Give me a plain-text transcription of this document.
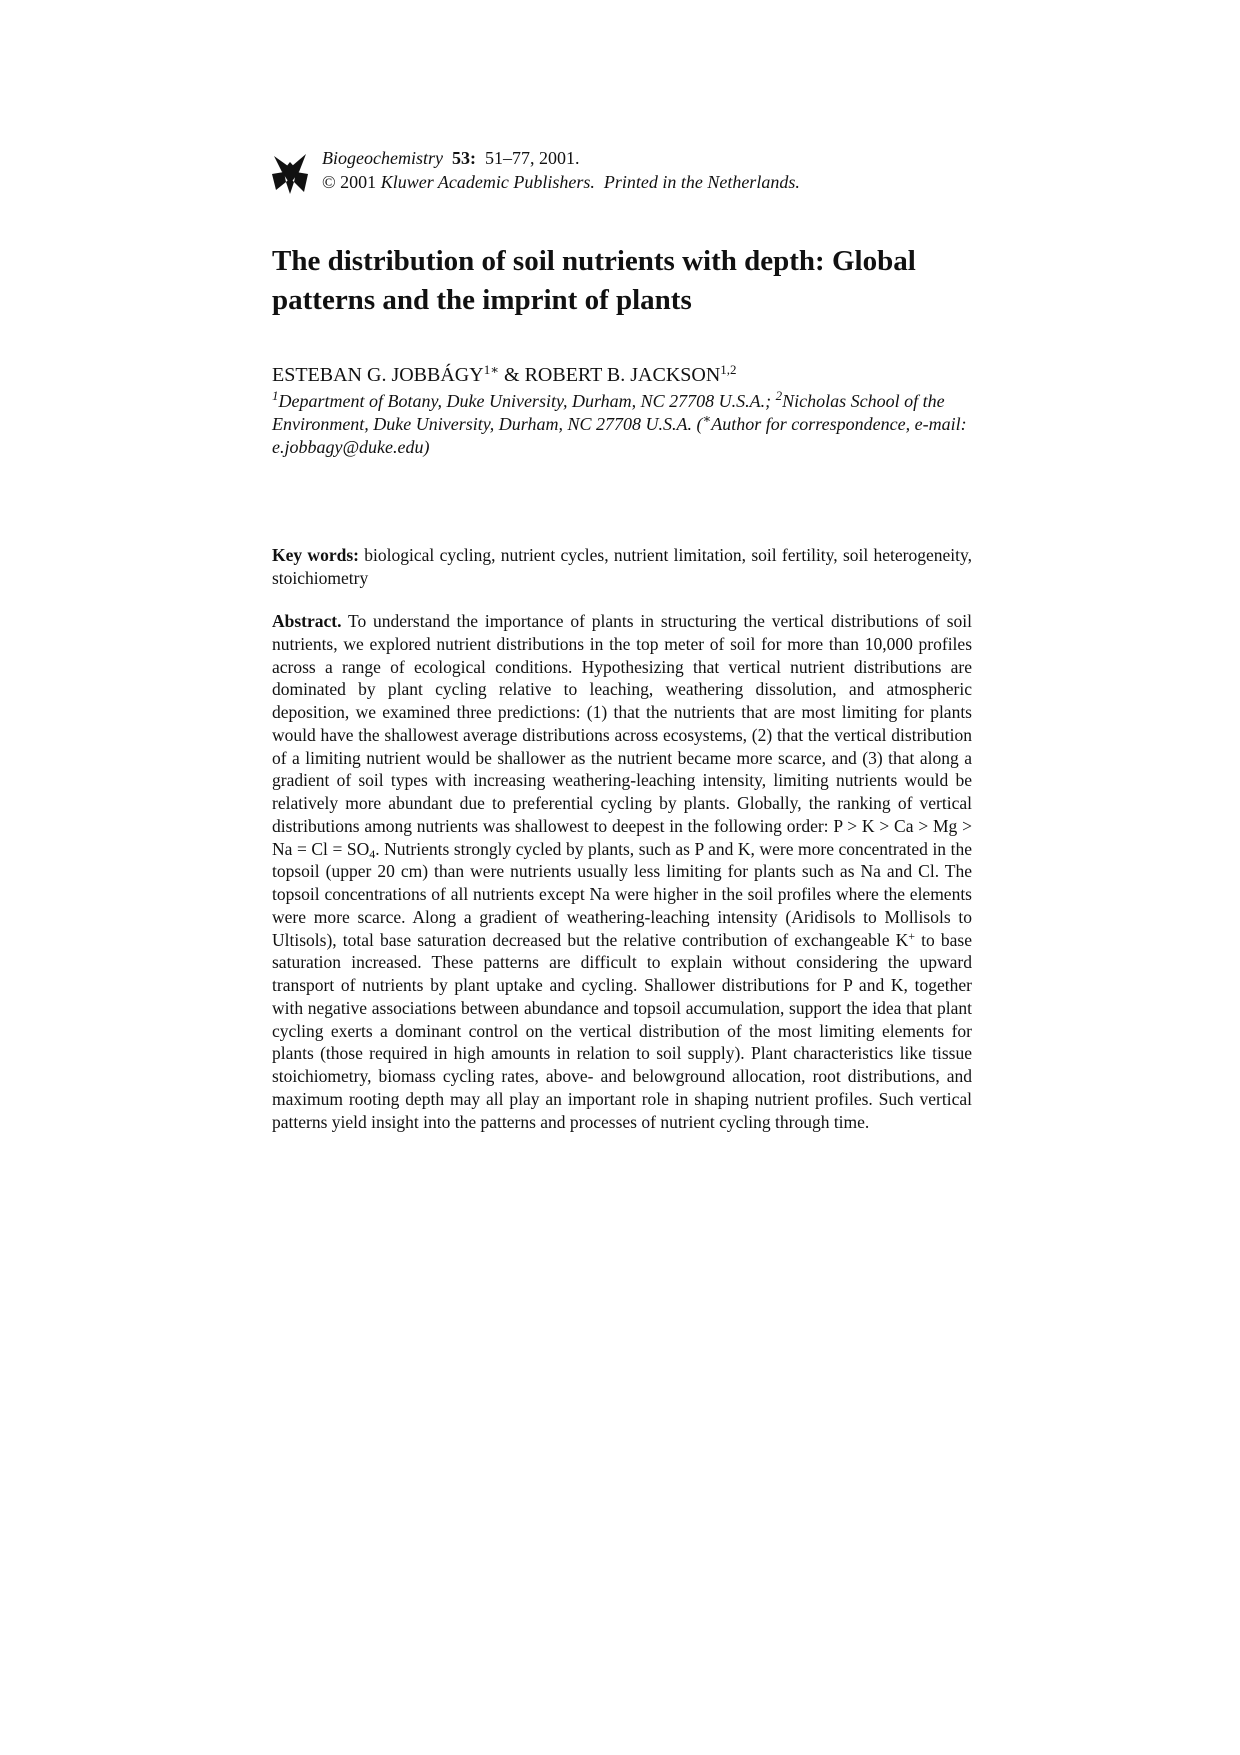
Biogeochemistry 53: 51–77, 2001.
© 2001 Kluwer Academic Publishers. Printed in the Netherlands.
The distribution of soil nutrients with depth: Global patterns and the imprint of plants
ESTEBAN G. $JOBBÁGY^{1∗}$ & ROBERT B. JACKSON$^{1,2}$
$^1$Department of Botany, Duke University, Durham, NC 27708 U.S.A.; $^2$Nicholas School of the Environment, Duke University, Durham, NC 27708 U.S.A. (∗Author for correspondence, e-mail: e.jobbagy@duke.edu)
Key words: biological cycling, nutrient cycles, nutrient limitation, soil fertility, soil heterogeneity, stoichiometry
Abstract. To understand the importance of plants in structuring the vertical distributions of soil nutrients, we explored nutrient distributions in the top meter of soil for more than 10,000 profiles across a range of ecological conditions. Hypothesizing that vertical nutrient distributions are dominated by plant cycling relative to leaching, weathering dissolution, and atmospheric deposition, we examined three predictions: (1) that the nutrients that are most limiting for plants would have the shallowest average distributions across ecosystems, (2) that the vertical distribution of a limiting nutrient would be shallower as the nutrient became more scarce, and (3) that along a gradient of soil types with increasing weathering-leaching intensity, limiting nutrients would be relatively more abundant due to preferential cycling by plants. Globally, the ranking of vertical distributions among nutrients was shallowest to deepest in the following order: $P > K > Ca > Mg > Na = Cl = SO_4$. Nutrients strongly cycled by plants, such as P and K, were more concentrated in the topsoil (upper 20 cm) than were nutrients usually less limiting for plants such as Na and Cl. The topsoil concentrations of all nutrients except Na were higher in the soil profiles where the elements were more scarce. Along a gradient of weathering-leaching intensity (Aridisols to Mollisols to Ultisols), total base saturation decreased but the relative contribution of exchangeable K+ to base saturation increased. These patterns are difficult to explain without considering the upward transport of nutrients by plant uptake and cycling. Shallower distributions for P and K, together with negative associations between abundance and topsoil accumulation, support the idea that plant cycling exerts a dominant control on the vertical distribution of the most limiting elements for plants (those required in high amounts in relation to soil supply). Plant characteristics like tissue stoichiometry, biomass cycling rates, above- and belowground allocation, root distributions, and maximum rooting depth may all play an important role in shaping nutrient profiles. Such vertical patterns yield insight into the patterns and processes of nutrient cycling through time.
